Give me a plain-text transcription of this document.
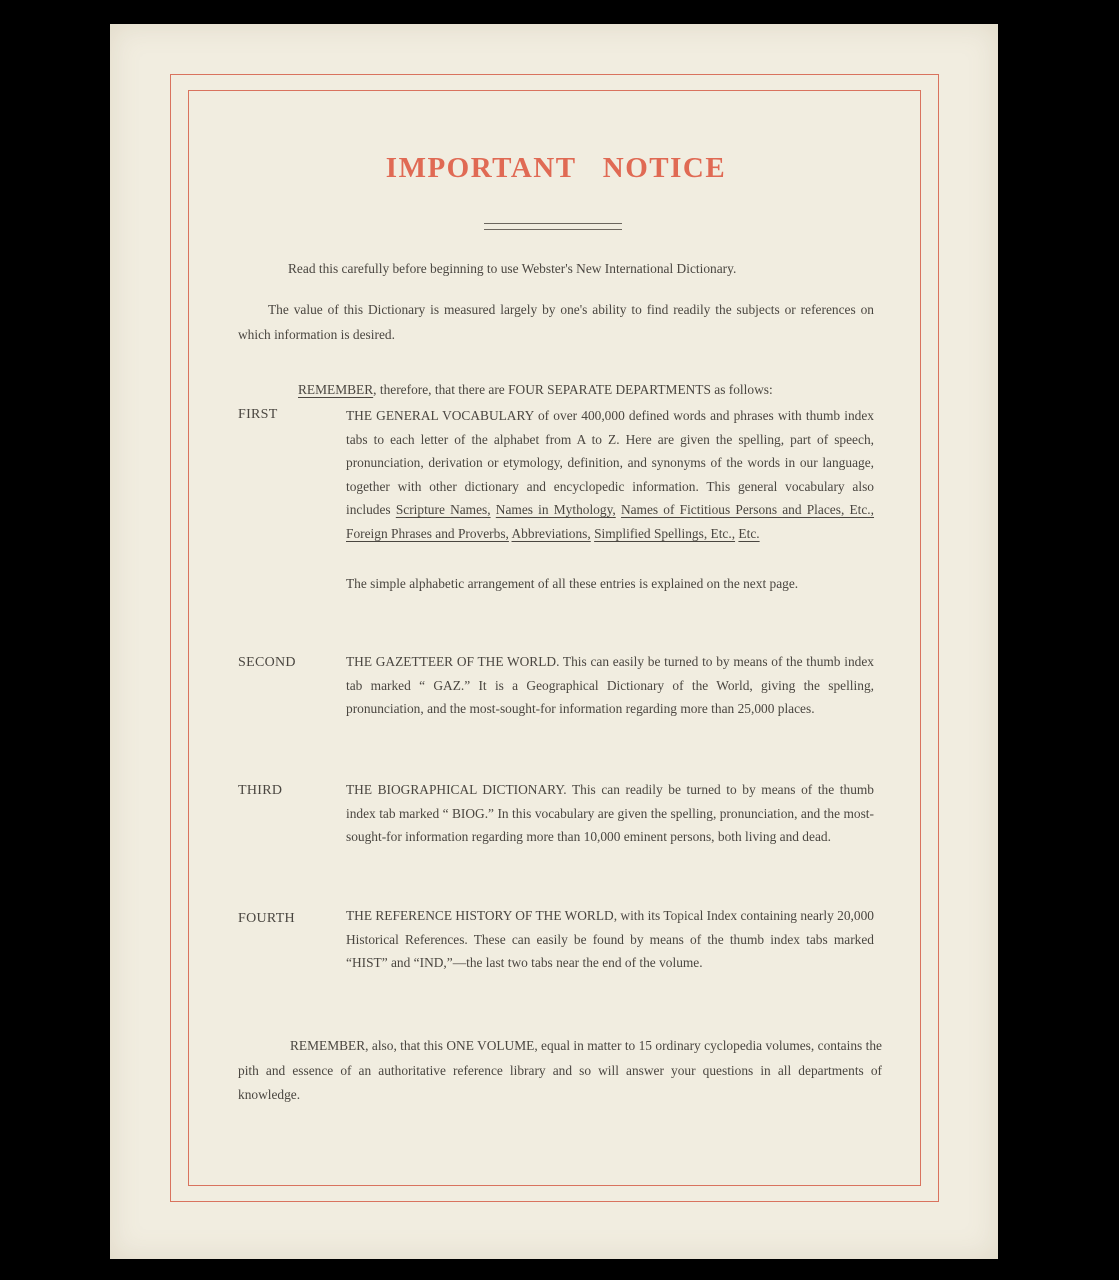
IMPORTANT NOTICE
Read this carefully before beginning to use Webster's New International Dictionary.
The value of this Dictionary is measured largely by one's ability to find readily the subjects or references on which information is desired.
REMEMBER, therefore, that there are FOUR SEPARATE DEPARTMENTS as follows:
FIRST	THE GENERAL VOCABULARY of over 400,000 defined words and phrases with thumb index tabs to each letter of the alphabet from A to Z. Here are given the spelling, part of speech, pronunciation, derivation or etymology, definition, and synonyms of the words in our language, together with other dictionary and encyclopedic information. This general vocabulary also includes Scripture Names, Names in Mythology, Names of Fictitious Persons and Places, Etc., Foreign Phrases and Proverbs, Abbreviations, Simplified Spellings, Etc., Etc.
The simple alphabetic arrangement of all these entries is explained on the next page.
SECOND	THE GAZETTEER OF THE WORLD. This can easily be turned to by means of the thumb index tab marked “ GAZ.” It is a Geographical Dictionary of the World, giving the spelling, pronunciation, and the most-sought-for information regarding more than 25,000 places.
THIRD	THE BIOGRAPHICAL DICTIONARY. This can readily be turned to by means of the thumb index tab marked “ BIOG.” In this vocabulary are given the spelling, pronunciation, and the most-sought-for information regarding more than 10,000 eminent persons, both living and dead.
FOURTH	THE REFERENCE HISTORY OF THE WORLD, with its Topical Index containing nearly 20,000 Historical References. These can easily be found by means of the thumb index tabs marked “HIST” and “IND,”—the last two tabs near the end of the volume.
REMEMBER, also, that this ONE VOLUME, equal in matter to 15 ordinary cyclopedia volumes, contains the pith and essence of an authoritative reference library and so will answer your questions in all departments of knowledge.
